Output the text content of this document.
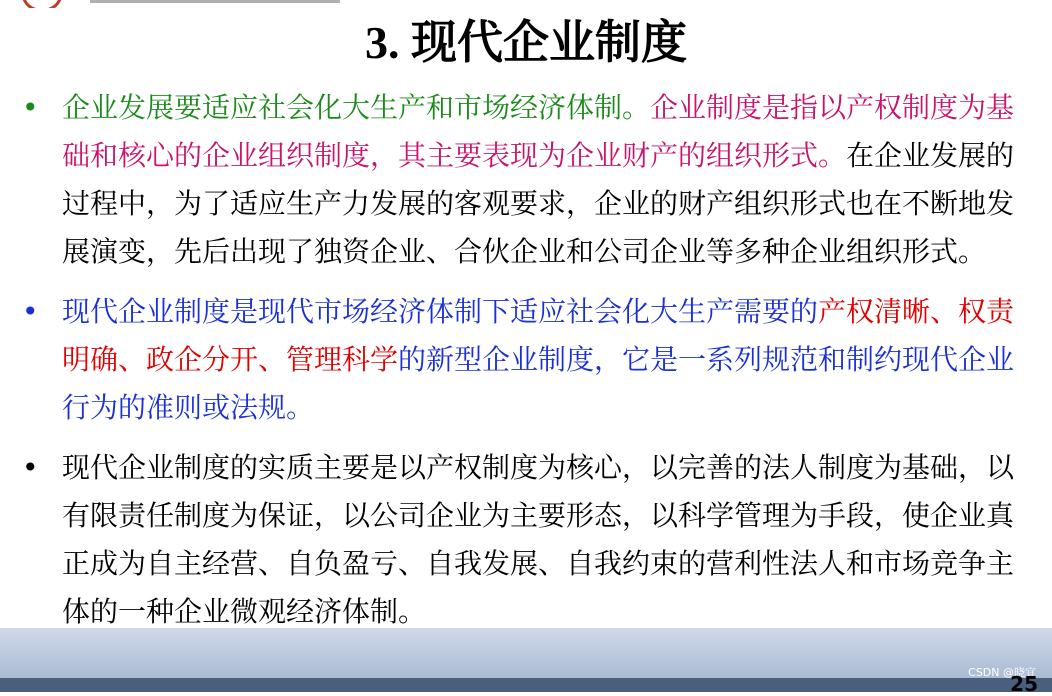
3. 现代企业制度
• 企业发展要适应社会化大生产和市场经济体制。企业制度是指以产权制度为基础和核心的企业组织制度，其主要表现为企业财产的组织形式。在企业发展的过程中，为了适应生产力发展的客观要求，企业的财产组织形式也在不断地发展演变，先后出现了独资企业、合伙企业和公司企业等多种企业组织形式。
• 现代企业制度是现代市场经济体制下适应社会化大生产需要的产权清晰、权责明确、政企分开、管理科学的新型企业制度，它是一系列规范和制约现代企业行为的准则或法规。
• 现代企业制度的实质主要是以产权制度为核心，以完善的法人制度为基础，以有限责任制度为保证，以公司企业为主要形态，以科学管理为手段，使企业真正成为自主经营、自负盈亏、自我发展、自我约束的营利性法人和市场竞争主体的一种企业微观经济体制。
CSDN @晓宜
25
